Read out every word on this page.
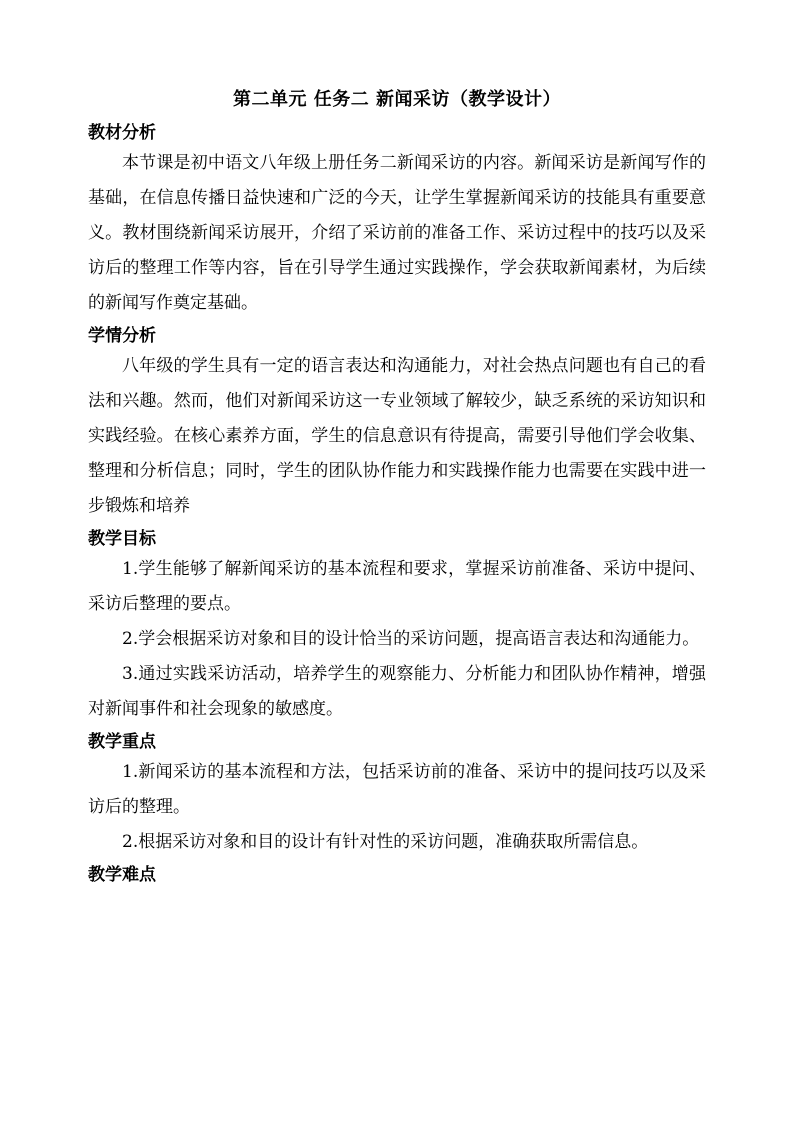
第二单元 任务二 新闻采访（教学设计）
教材分析

本节课是初中语文八年级上册任务二新闻采访的内容。新闻采访是新闻写作的基础，在信息传播日益快速和广泛的今天，让学生掌握新闻采访的技能具有重要意义。教材围绕新闻采访展开，介绍了采访前的准备工作、采访过程中的技巧以及采访后的整理工作等内容，旨在引导学生通过实践操作，学会获取新闻素材，为后续的新闻写作奠定基础。

学情分析

八年级的学生具有一定的语言表达和沟通能力，对社会热点问题也有自己的看法和兴趣。然而，他们对新闻采访这一专业领域了解较少，缺乏系统的采访知识和实践经验。在核心素养方面，学生的信息意识有待提高，需要引导他们学会收集、整理和分析信息；同时，学生的团队协作能力和实践操作能力也需要在实践中进一步锻炼和培养

教学目标

1.学生能够了解新闻采访的基本流程和要求，掌握采访前准备、采访中提问、采访后整理的要点。

2.学会根据采访对象和目的设计恰当的采访问题，提高语言表达和沟通能力。

3.通过实践采访活动，培养学生的观察能力、分析能力和团队协作精神，增强对新闻事件和社会现象的敏感度。

教学重点

1.新闻采访的基本流程和方法，包括采访前的准备、采访中的提问技巧以及采访后的整理。

2.根据采访对象和目的设计有针对性的采访问题，准确获取所需信息。

教学难点
